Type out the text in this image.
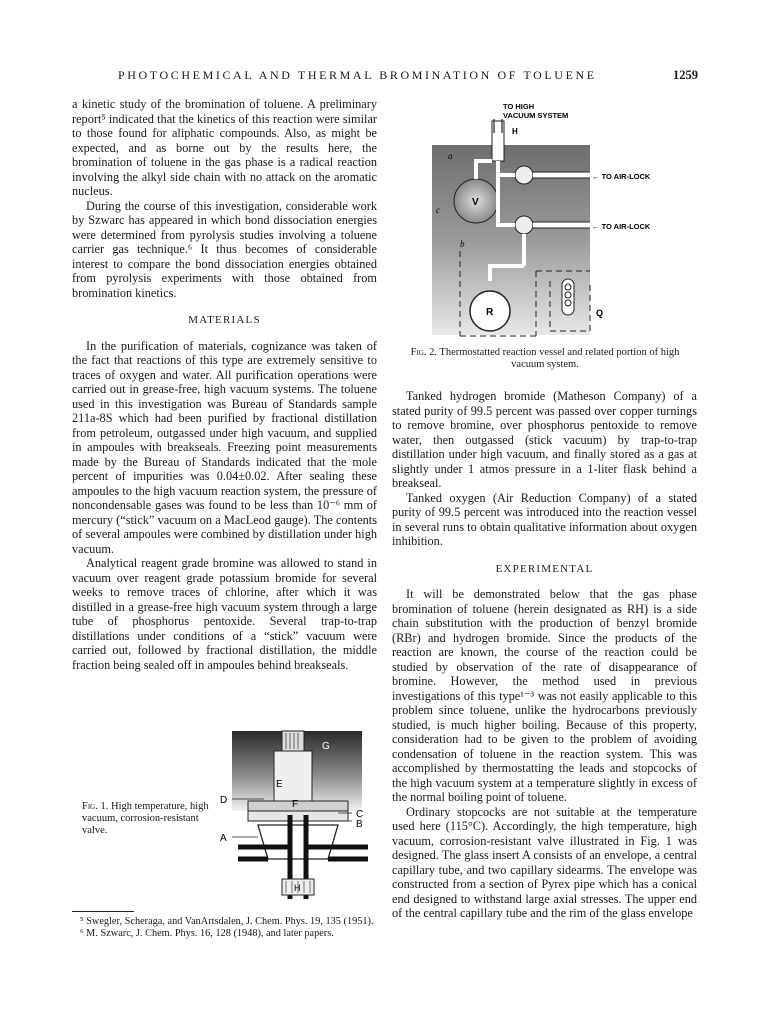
PHOTOCHEMICAL AND THERMAL BROMINATION OF TOLUENE	1259

a kinetic study of the bromination of toluene. A preliminary report⁵ indicated that the kinetics of this reaction were similar to those found for aliphatic compounds. Also, as might be expected, and as borne out by the results here, the bromination of toluene in the gas phase is a radical reaction involving the alkyl side chain with no attack on the aromatic nucleus.

During the course of this investigation, considerable work by Szwarc has appeared in which bond dissociation energies were determined from pyrolysis studies involving a toluene carrier gas technique.⁶ It thus becomes of considerable interest to compare the bond dissociation energies obtained from pyrolysis experiments with those obtained from bromination kinetics.

MATERIALS

In the purification of materials, cognizance was taken of the fact that reactions of this type are extremely sensitive to traces of oxygen and water. All purification operations were carried out in grease-free, high vacuum systems. The toluene used in this investigation was Bureau of Standards sample 211a-8S which had been purified by fractional distillation from petroleum, outgassed under high vacuum, and supplied in ampoules with breakseals. Freezing point measurements made by the Bureau of Standards indicated that the mole percent of impurities was 0.04±0.02. After sealing these ampoules to the high vacuum reaction system, the pressure of noncondensable gases was found to be less than 10⁻⁶ mm of mercury (“stick” vacuum on a MacLeod gauge). The contents of several ampoules were combined by distillation under high vacuum.

Analytical reagent grade bromine was allowed to stand in vacuum over reagent grade potassium bromide for several weeks to remove traces of chlorine, after which it was distilled in a grease-free high vacuum system through a large tube of phosphorus pentoxide. Several trap-to-trap distillations under conditions of a “stick” vacuum were carried out, followed by fractional distillation, the middle fraction being sealed off in ampoules behind breakseals.

TO HIGH
VACUUM SYSTEM
H
a
c
V
b
R	Q
← TO AIR-LOCK
← TO AIR-LOCK
Fig. 2. Thermostatted reaction vessel and related portion of high vacuum system.

Tanked hydrogen bromide (Matheson Company) of a stated purity of 99.5 percent was passed over copper turnings to remove bromine, over phosphorus pentoxide to remove water, then outgassed (stick vacuum) by trap-to-trap distillation under high vacuum, and finally stored as a gas at slightly under 1 atmos pressure in a 1-liter flask behind a breakseal.

Tanked oxygen (Air Reduction Company) of a stated purity of 99.5 percent was introduced into the reaction vessel in several runs to obtain qualitative information about oxygen inhibition.

EXPERIMENTAL

It will be demonstrated below that the gas phase bromination of toluene (herein designated as RH) is a side chain substitution with the production of benzyl bromide (RBr) and hydrogen bromide. Since the products of the reaction are known, the course of the reaction could be studied by observation of the rate of disappearance of bromine. However, the method used in previous investigations of this type¹⁻³ was not easily applicable to this problem since toluene, unlike the hydrocarbons previously studied, is much higher boiling. Because of this property, consideration had to be given to the problem of avoiding condensation of toluene in the reaction system. This was accomplished by thermostatting the leads and stopcocks of the high vacuum system at a temperature slightly in excess of the normal boiling point of toluene.

Ordinary stopcocks are not suitable at the temperature used here (115°C). Accordingly, the high temperature, high vacuum, corrosion-resistant valve illustrated in Fig. 1 was designed. The glass insert A consists of an envelope, a central capillary tube, and two capillary sidearms. The envelope was constructed from a section of Pyrex pipe which has a conical end designed to withstand large axial stresses. The upper end of the central capillary tube and the rim of the glass envelope

G
E
D	F
C
B
A
H
Fig. 1. High temperature, high vacuum, corrosion-resistant valve.

⁵ Swegler, Scheraga, and VanArtsdalen, J. Chem. Phys. 19, 135 (1951).

⁶ M. Szwarc, J. Chem. Phys. 16, 128 (1948), and later papers.
